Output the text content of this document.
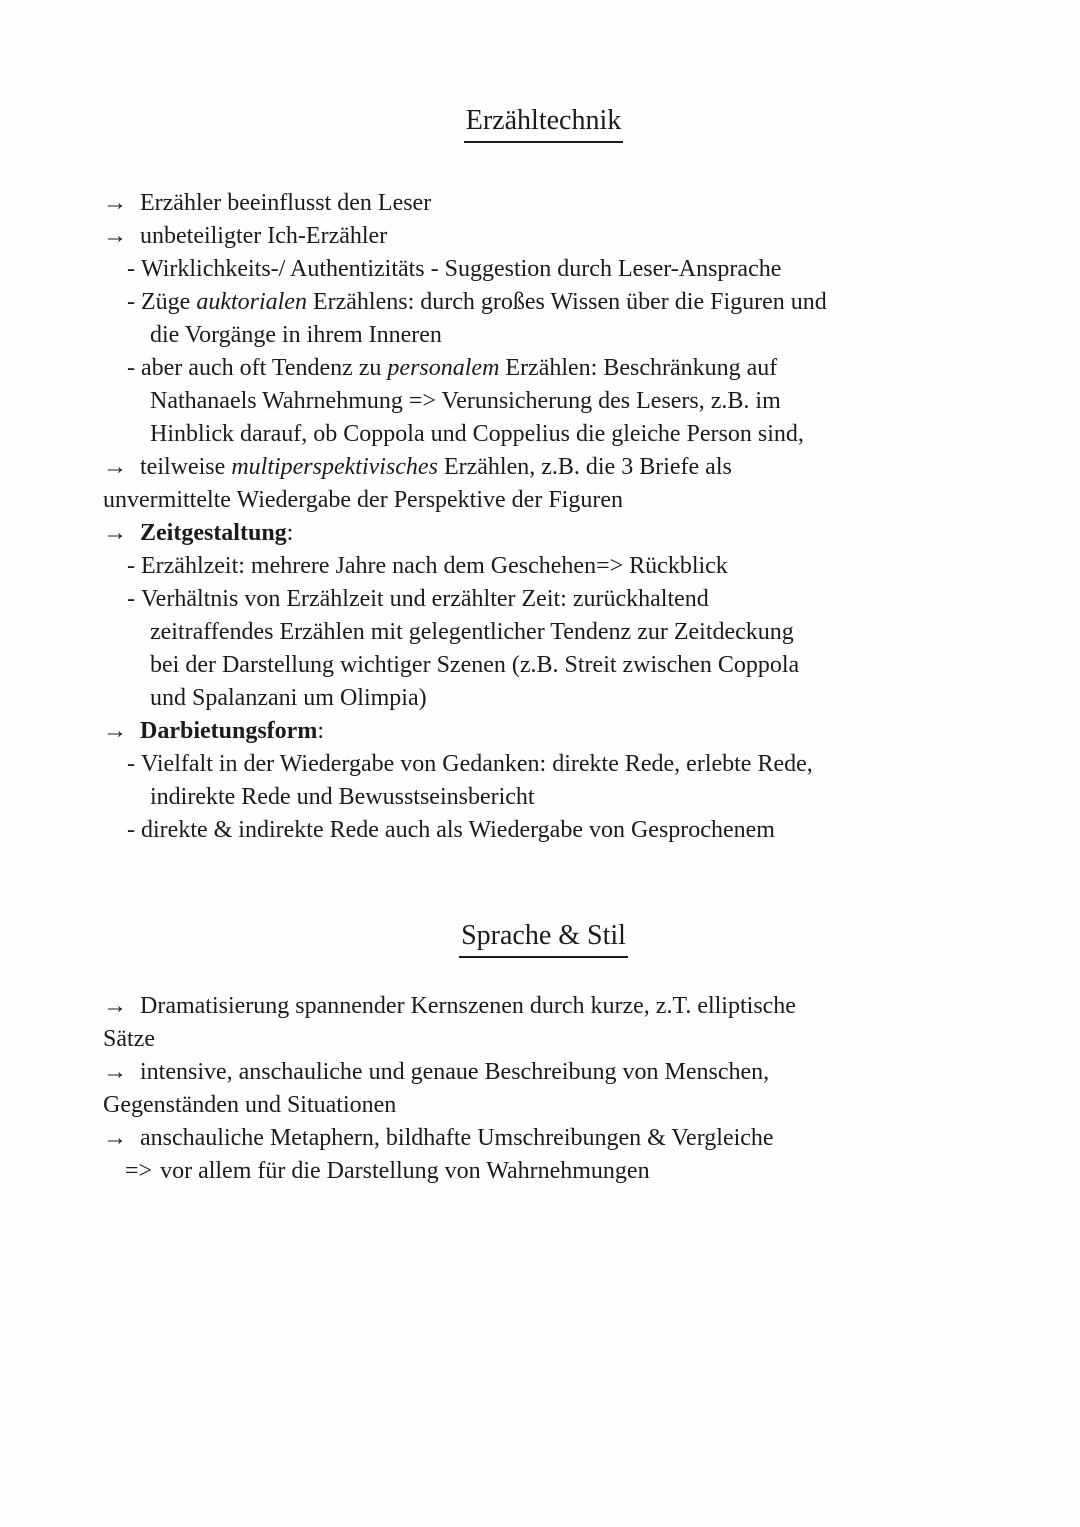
Erzähltechnik
→ Erzähler beeinflusst den Leser
→ unbeteiligter Ich-Erzähler
- Wirklichkeits-/ Authentizitäts - Suggestion durch Leser-Ansprache
- Züge auktorialen Erzählens: durch großes Wissen über die Figuren und
die Vorgänge in ihrem Inneren
- aber auch oft Tendenz zu personalem Erzählen: Beschränkung auf
Nathanaels Wahrnehmung => Verunsicherung des Lesers, z.B. im
Hinblick darauf, ob Coppola und Coppelius die gleiche Person sind,
→ teilweise multiperspektivisches Erzählen, z.B. die 3 Briefe als
unvermittelte Wiedergabe der Perspektive der Figuren
→ Zeitgestaltung:
- Erzählzeit: mehrere Jahre nach dem Geschehen=> Rückblick
- Verhältnis von Erzählzeit und erzählter Zeit: zurückhaltend
zeitraffendes Erzählen mit gelegentlicher Tendenz zur Zeitdeckung
bei der Darstellung wichtiger Szenen (z.B. Streit zwischen Coppola
und Spalanzani um Olimpia)
→ Darbietungsform:
- Vielfalt in der Wiedergabe von Gedanken: direkte Rede, erlebte Rede,
indirekte Rede und Bewusstseinsbericht
- direkte & indirekte Rede auch als Wiedergabe von Gesprochenem
Sprache & Stil
→ Dramatisierung spannender Kernszenen durch kurze, z.T. elliptische
Sätze
→ intensive, anschauliche und genaue Beschreibung von Menschen,
Gegenständen und Situationen
→ anschauliche Metaphern, bildhafte Umschreibungen & Vergleiche
=> vor allem für die Darstellung von Wahrnehmungen
